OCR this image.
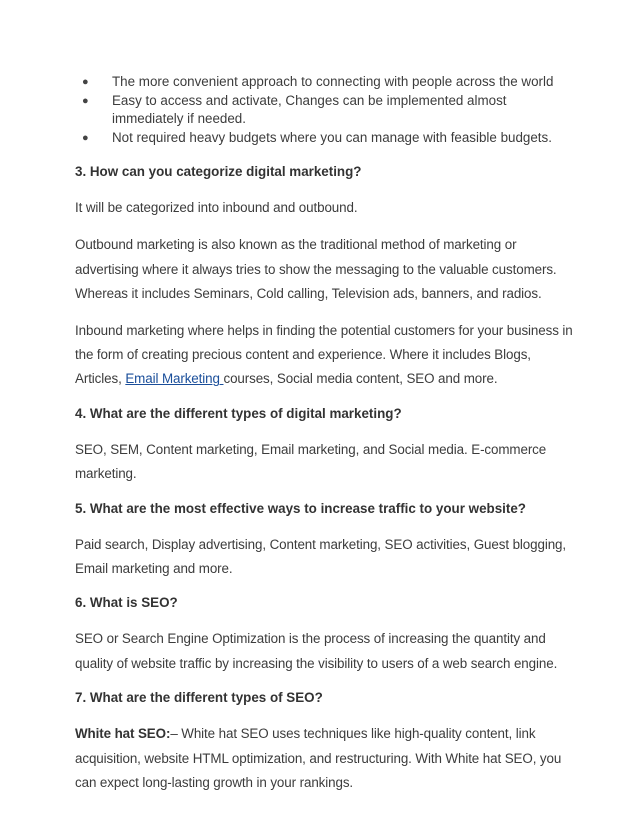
● The more convenient approach to connecting with people across the world
● Easy to access and activate, Changes can be implemented almost immediately if needed.
● Not required heavy budgets where you can manage with feasible budgets.
3. How can you categorize digital marketing?

It will be categorized into inbound and outbound.

Outbound marketing is also known as the traditional method of marketing or advertising where it always tries to show the messaging to the valuable customers. Whereas it includes Seminars, Cold calling, Television ads, banners, and radios.

Inbound marketing where helps in finding the potential customers for your business in the form of creating precious content and experience. Where it includes Blogs, Articles, Email Marketing courses, Social media content, SEO and more.

4. What are the different types of digital marketing?

SEO, SEM, Content marketing, Email marketing, and Social media. E-commerce marketing.

5. What are the most effective ways to increase traffic to your website?

Paid search, Display advertising, Content marketing, SEO activities, Guest blogging, Email marketing and more.

6. What is SEO?

SEO or Search Engine Optimization is the process of increasing the quantity and quality of website traffic by increasing the visibility to users of a web search engine.

7. What are the different types of SEO?

White hat SEO:– White hat SEO uses techniques like high-quality content, link acquisition, website HTML optimization, and restructuring. With White hat SEO, you can expect long-lasting growth in your rankings.
